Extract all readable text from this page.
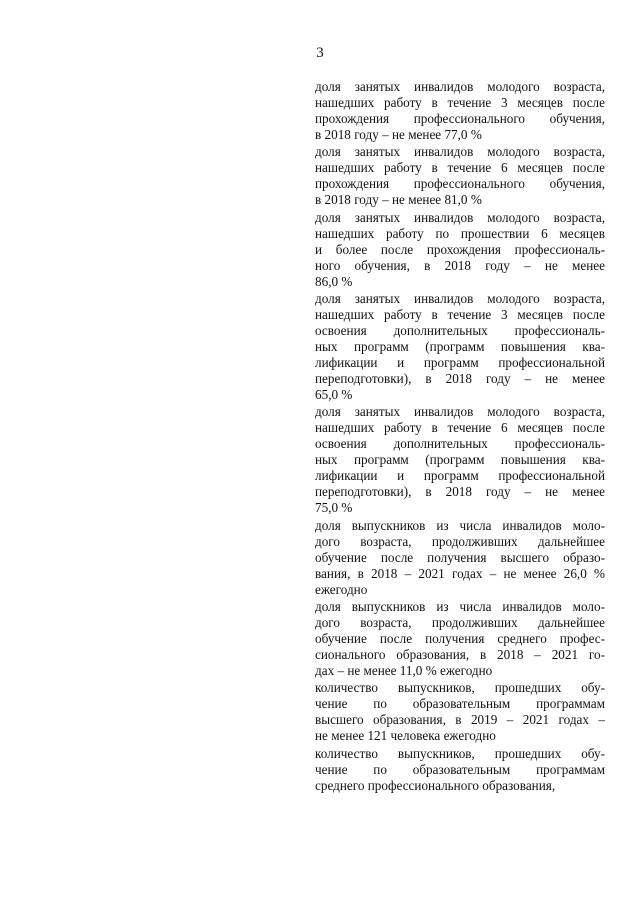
3
доля занятых инвалидов молодого возраста,
нашедших работу в течение 3 месяцев после
прохождения профессионального обучения,
в 2018 году – не менее 77,0 %
доля занятых инвалидов молодого возраста,
нашедших работу в течение 6 месяцев после
прохождения профессионального обучения,
в 2018 году – не менее 81,0 %
доля занятых инвалидов молодого возраста,
нашедших работу по прошествии 6 месяцев
и более после прохождения профессиональ-
ного обучения, в 2018 году – не менее
86,0 %
доля занятых инвалидов молодого возраста,
нашедших работу в течение 3 месяцев после
освоения дополнительных профессиональ-
ных программ (программ повышения ква-
лификации и программ профессиональной
переподготовки), в 2018 году – не менее
65,0 %
доля занятых инвалидов молодого возраста,
нашедших работу в течение 6 месяцев после
освоения дополнительных профессиональ-
ных программ (программ повышения ква-
лификации и программ профессиональной
переподготовки), в 2018 году – не менее
75,0 %
доля выпускников из числа инвалидов моло-
дого возраста, продолживших дальнейшее
обучение после получения высшего образо-
вания, в 2018 – 2021 годах – не менее 26,0 %
ежегодно
доля выпускников из числа инвалидов моло-
дого возраста, продолживших дальнейшее
обучение после получения среднего профес-
сионального образования, в 2018 – 2021 го-
дах – не менее 11,0 % ежегодно
количество выпускников, прошедших обу-
чение по образовательным программам
высшего образования, в 2019 – 2021 годах –
не менее 121 человека ежегодно
количество выпускников, прошедших обу-
чение по образовательным программам
среднего профессионального образования,
